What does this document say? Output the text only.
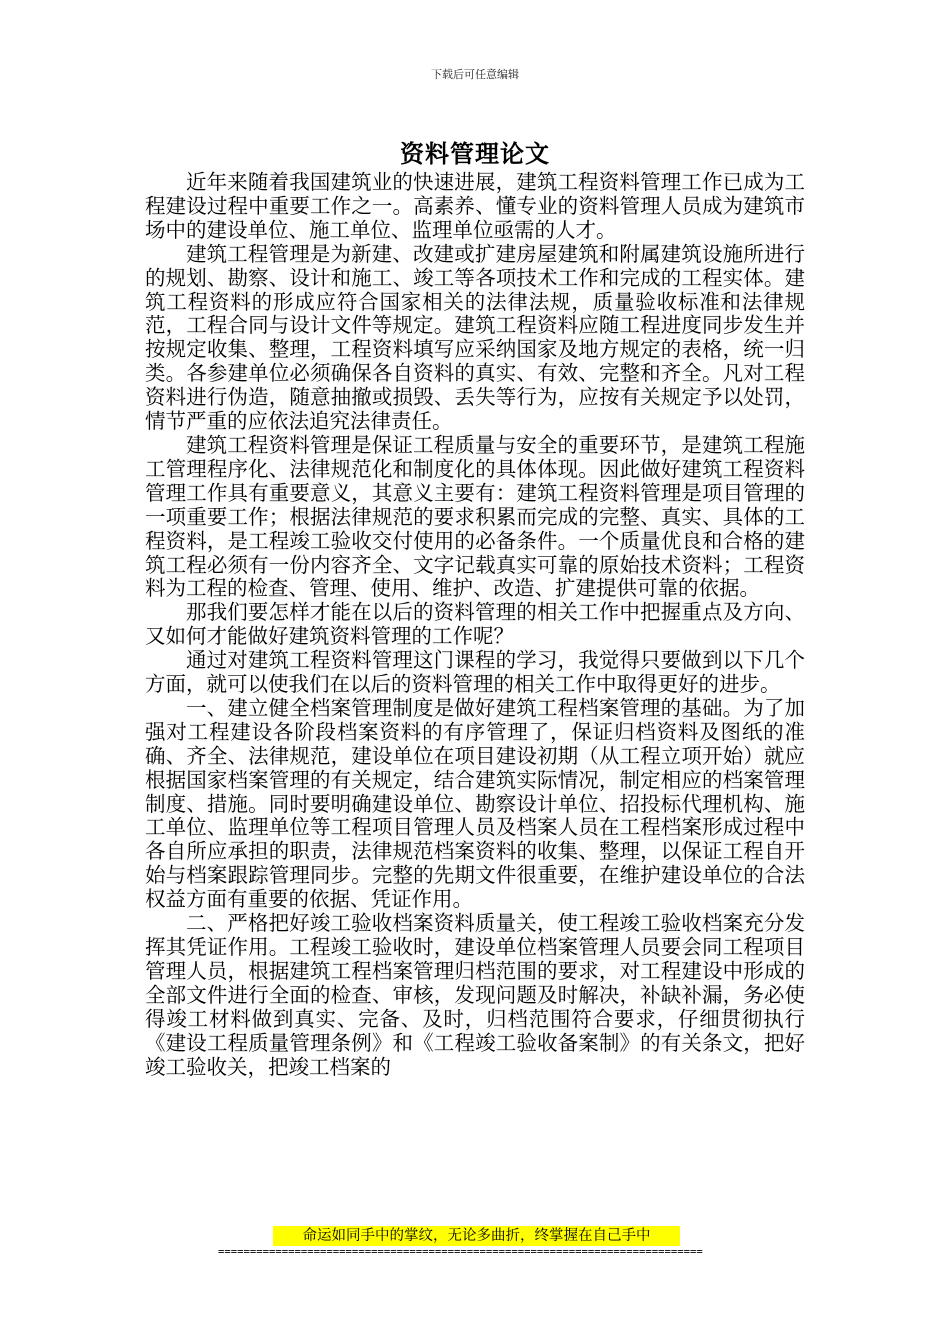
下载后可任意编辑
资料管理论文

近年来随着我国建筑业的快速进展，建筑工程资料管理工作已成为工程建设过程中重要工作之一。高素养、懂专业的资料管理人员成为建筑市场中的建设单位、施工单位、监理单位亟需的人才。

建筑工程管理是为新建、改建或扩建房屋建筑和附属建筑设施所进行的规划、勘察、设计和施工、竣工等各项技术工作和完成的工程实体。建筑工程资料的形成应符合国家相关的法律法规，质量验收标准和法律规范，工程合同与设计文件等规定。建筑工程资料应随工程进度同步发生并按规定收集、整理，工程资料填写应采纳国家及地方规定的表格，统一归类。各参建单位必须确保各自资料的真实、有效、完整和齐全。凡对工程资料进行伪造，随意抽撤或损毁、丢失等行为，应按有关规定予以处罚，情节严重的应依法追究法律责任。

建筑工程资料管理是保证工程质量与安全的重要环节，是建筑工程施工管理程序化、法律规范化和制度化的具体体现。因此做好建筑工程资料管理工作具有重要意义，其意义主要有：建筑工程资料管理是项目管理的一项重要工作；根据法律规范的要求积累而完成的完整、真实、具体的工程资料，是工程竣工验收交付使用的必备条件。一个质量优良和合格的建筑工程必须有一份内容齐全、文字记载真实可靠的原始技术资料；工程资料为工程的检查、管理、使用、维护、改造、扩建提供可靠的依据。

那我们要怎样才能在以后的资料管理的相关工作中把握重点及方向、又如何才能做好建筑资料管理的工作呢？

通过对建筑工程资料管理这门课程的学习，我觉得只要做到以下几个方面，就可以使我们在以后的资料管理的相关工作中取得更好的进步。

一、建立健全档案管理制度是做好建筑工程档案管理的基础。为了加强对工程建设各阶段档案资料的有序管理了，保证归档资料及图纸的准确、齐全、法律规范，建设单位在项目建设初期（从工程立项开始）就应根据国家档案管理的有关规定，结合建筑实际情况，制定相应的档案管理制度、措施。同时要明确建设单位、勘察设计单位、招投标代理机构、施工单位、监理单位等工程项目管理人员及档案人员在工程档案形成过程中各自所应承担的职责，法律规范档案资料的收集、整理，以保证工程自开始与档案跟踪管理同步。完整的先期文件很重要，在维护建设单位的合法权益方面有重要的依据、凭证作用。

二、严格把好竣工验收档案资料质量关，使工程竣工验收档案充分发挥其凭证作用。工程竣工验收时，建设单位档案管理人员要会同工程项目管理人员，根据建筑工程档案管理归档范围的要求，对工程建设中形成的全部文件进行全面的检查、审核，发现问题及时解决，补缺补漏，务必使得竣工材料做到真实、完备、及时，归档范围符合要求，仔细贯彻执行《建设工程质量管理条例》和《工程竣工验收备案制》的有关条文，把好竣工验收关，把竣工档案的

命运如同手中的掌纹，无论多曲折，终掌握在自己手中
============================================================================
